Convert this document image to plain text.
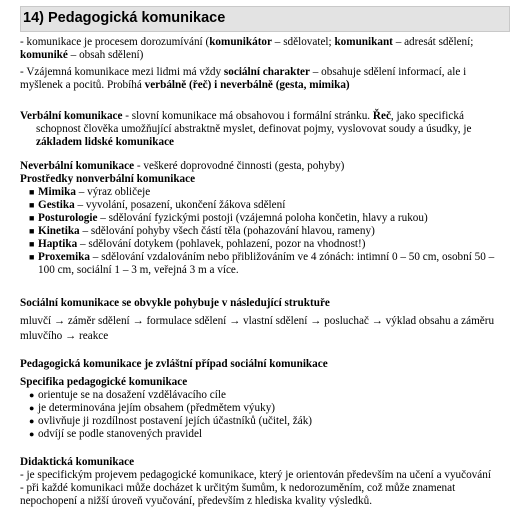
14) Pedagogická komunikace
- komunikace je procesem dorozumívání (komunikátor – sdělovatel; komunikant – adresát sdělení;
komuniké – obsah sdělení)
- Vzájemná komunikace mezi lidmi má vždy sociální charakter – obsahuje sdělení informací, ale i
myšlenek a pocitů. Probíhá verbálně (řeč) i neverbálně (gesta, mimika)
Verbální komunikace - slovní komunikace má obsahovou i formální stránku. Řeč, jako specifická
schopnost člověka umožňující abstraktně myslet, definovat pojmy, vyslovovat soudy a úsudky, je
základem lidské komunikace
Neverbální komunikace - veškeré doprovodné činnosti (gesta, pohyby)
Prostředky nonverbální komunikace
■ Mimika – výraz obličeje
■ Gestika – vyvolání, posazení, ukončení žákova sdělení
■ Posturologie – sdělování fyzickými postoji (vzájemná poloha končetin, hlavy a rukou)
■ Kinetika – sdělování pohyby všech částí těla (pohazování hlavou, rameny)
■ Haptika – sdělování dotykem (pohlavek, pohlazení, pozor na vhodnost!)
■ Proxemika – sdělování vzdalováním nebo přibližováním ve 4 zónách: intimní 0 – 50 cm, osobní 50 –
100 cm, sociální 1 – 3 m, veřejná 3 m a více.
Sociální komunikace se obvykle pohybuje v následující struktuře
mluvčí → záměr sdělení → formulace sdělení → vlastní sdělení → posluchač → výklad obsahu a záměru
mluvčího → reakce
Pedagogická komunikace je zvláštní případ sociální komunikace
Specifika pedagogické komunikace
● orientuje se na dosažení vzdělávacího cíle
● je determinována jejím obsahem (předmětem výuky)
● ovlivňuje ji rozdílnost postavení jejích účastníků (učitel, žák)
● odvíjí se podle stanovených pravidel
Didaktická komunikace
- je specifickým projevem pedagogické komunikace, který je orientován především na učení a vyučování
- při každé komunikaci může docházet k určitým šumům, k nedorozuměním, což může znamenat
nepochopení a nižší úroveň vyučování, především z hlediska kvality výsledků.
